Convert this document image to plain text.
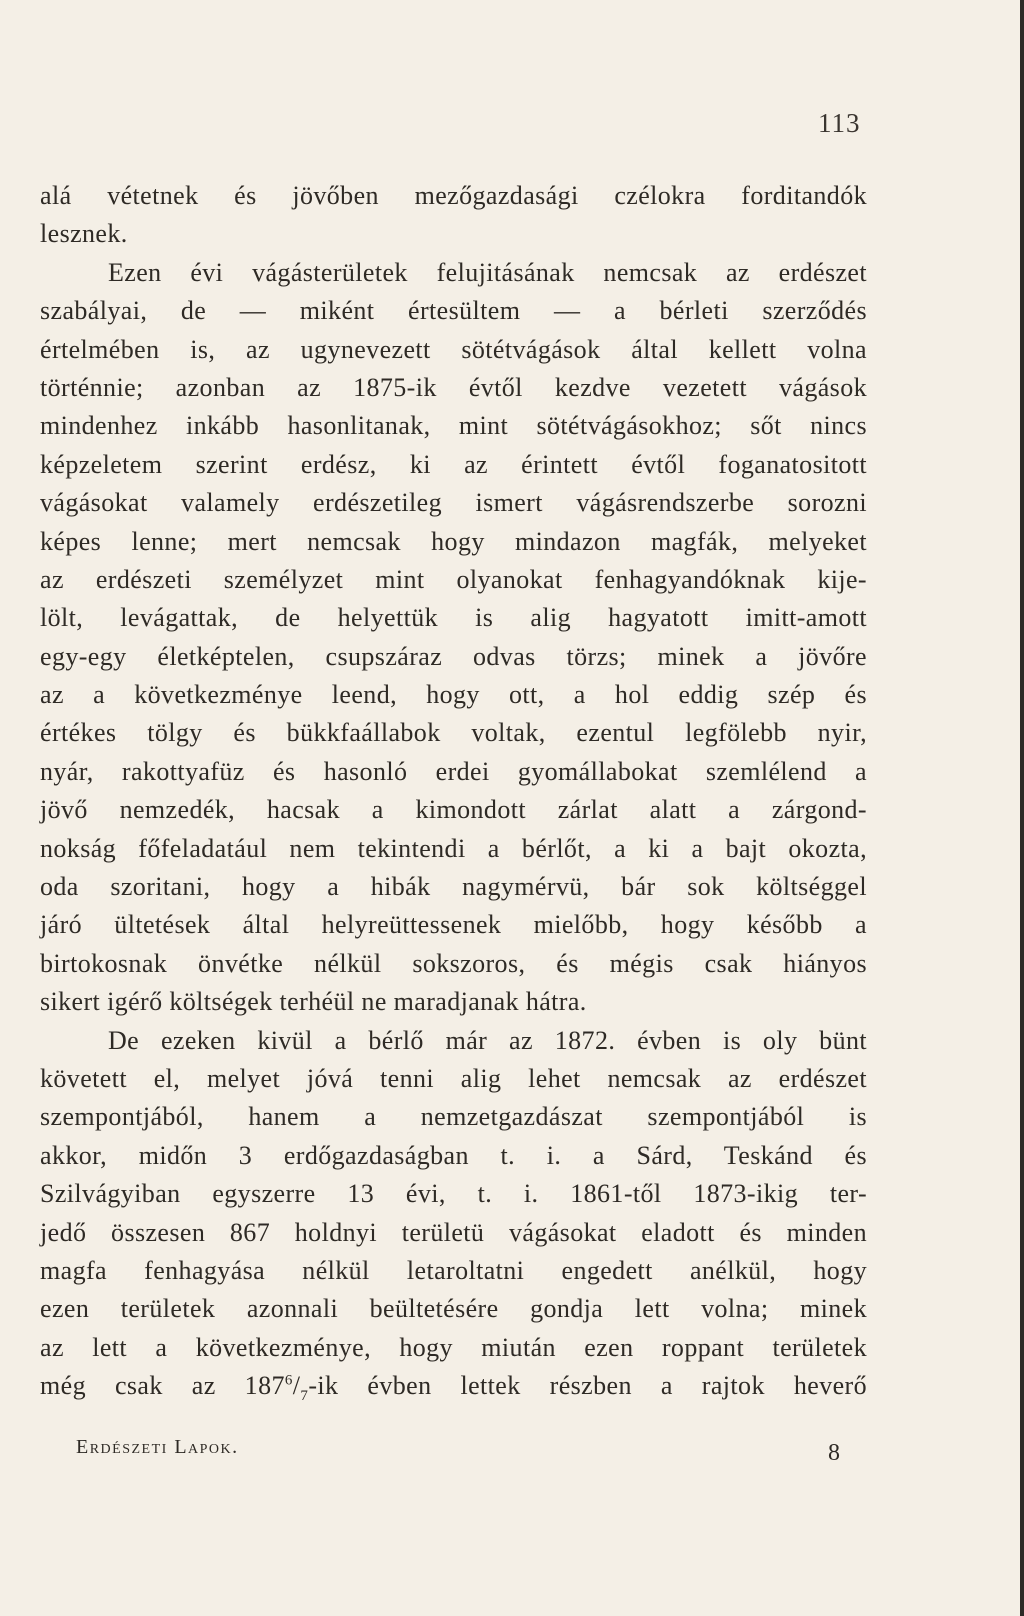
113
alá vétetnek és jövőben mezőgazdasági czélokra forditandók
lesznek.
Ezen évi vágásterületek felujitásának nemcsak az erdészet
szabályai, de — miként értesültem — a bérleti szerződés
értelmében is, az ugynevezett sötétvágások által kellett volna
történnie; azonban az 1875-ik évtől kezdve vezetett vágások
mindenhez inkább hasonlitanak, mint sötétvágásokhoz; sőt nincs
képzeletem szerint erdész, ki az érintett évtől foganatositott
vágásokat valamely erdészetileg ismert vágásrendszerbe sorozni
képes lenne; mert nemcsak hogy mindazon magfák, melyeket
az erdészeti személyzet mint olyanokat fenhagyandóknak kije-
lölt, levágattak, de helyettük is alig hagyatott imitt-amott
egy-egy életképtelen, csupszáraz odvas törzs; minek a jövőre
az a következménye leend, hogy ott, a hol eddig szép és
értékes tölgy és bükkfaállabok voltak, ezentul legfölebb nyir,
nyár, rakottyafüz és hasonló erdei gyomállabokat szemlélend a
jövő nemzedék, hacsak a kimondott zárlat alatt a zárgond-
nokság főfeladatául nem tekintendi a bérlőt, a ki a bajt okozta,
oda szoritani, hogy a hibák nagymérvü, bár sok költséggel
járó ültetések által helyreüttessenek mielőbb, hogy később a
birtokosnak önvétke nélkül sokszoros, és mégis csak hiányos
sikert igérő költségek terhéül ne maradjanak hátra.
De ezeken kivül a bérlő már az 1872. évben is oly bünt
követett el, melyet jóvá tenni alig lehet nemcsak az erdészet
szempontjából, hanem a nemzetgazdászat szempontjából is
akkor, midőn 3 erdőgazdaságban t. i. a Sárd, Teskánd és
Szilvágyiban egyszerre 13 évi, t. i. 1861-től 1873-ikig ter-
jedő összesen 867 holdnyi területü vágásokat eladott és minden
magfa fenhagyása nélkül letaroltatni engedett anélkül, hogy
ezen területek azonnali beültetésére gondja lett volna; minek
az lett a következménye, hogy miután ezen roppant területek
még csak az $187^6/_7-ik$ évben lettek részben a rajtok heverő
Erdészeti Lapok.	8
